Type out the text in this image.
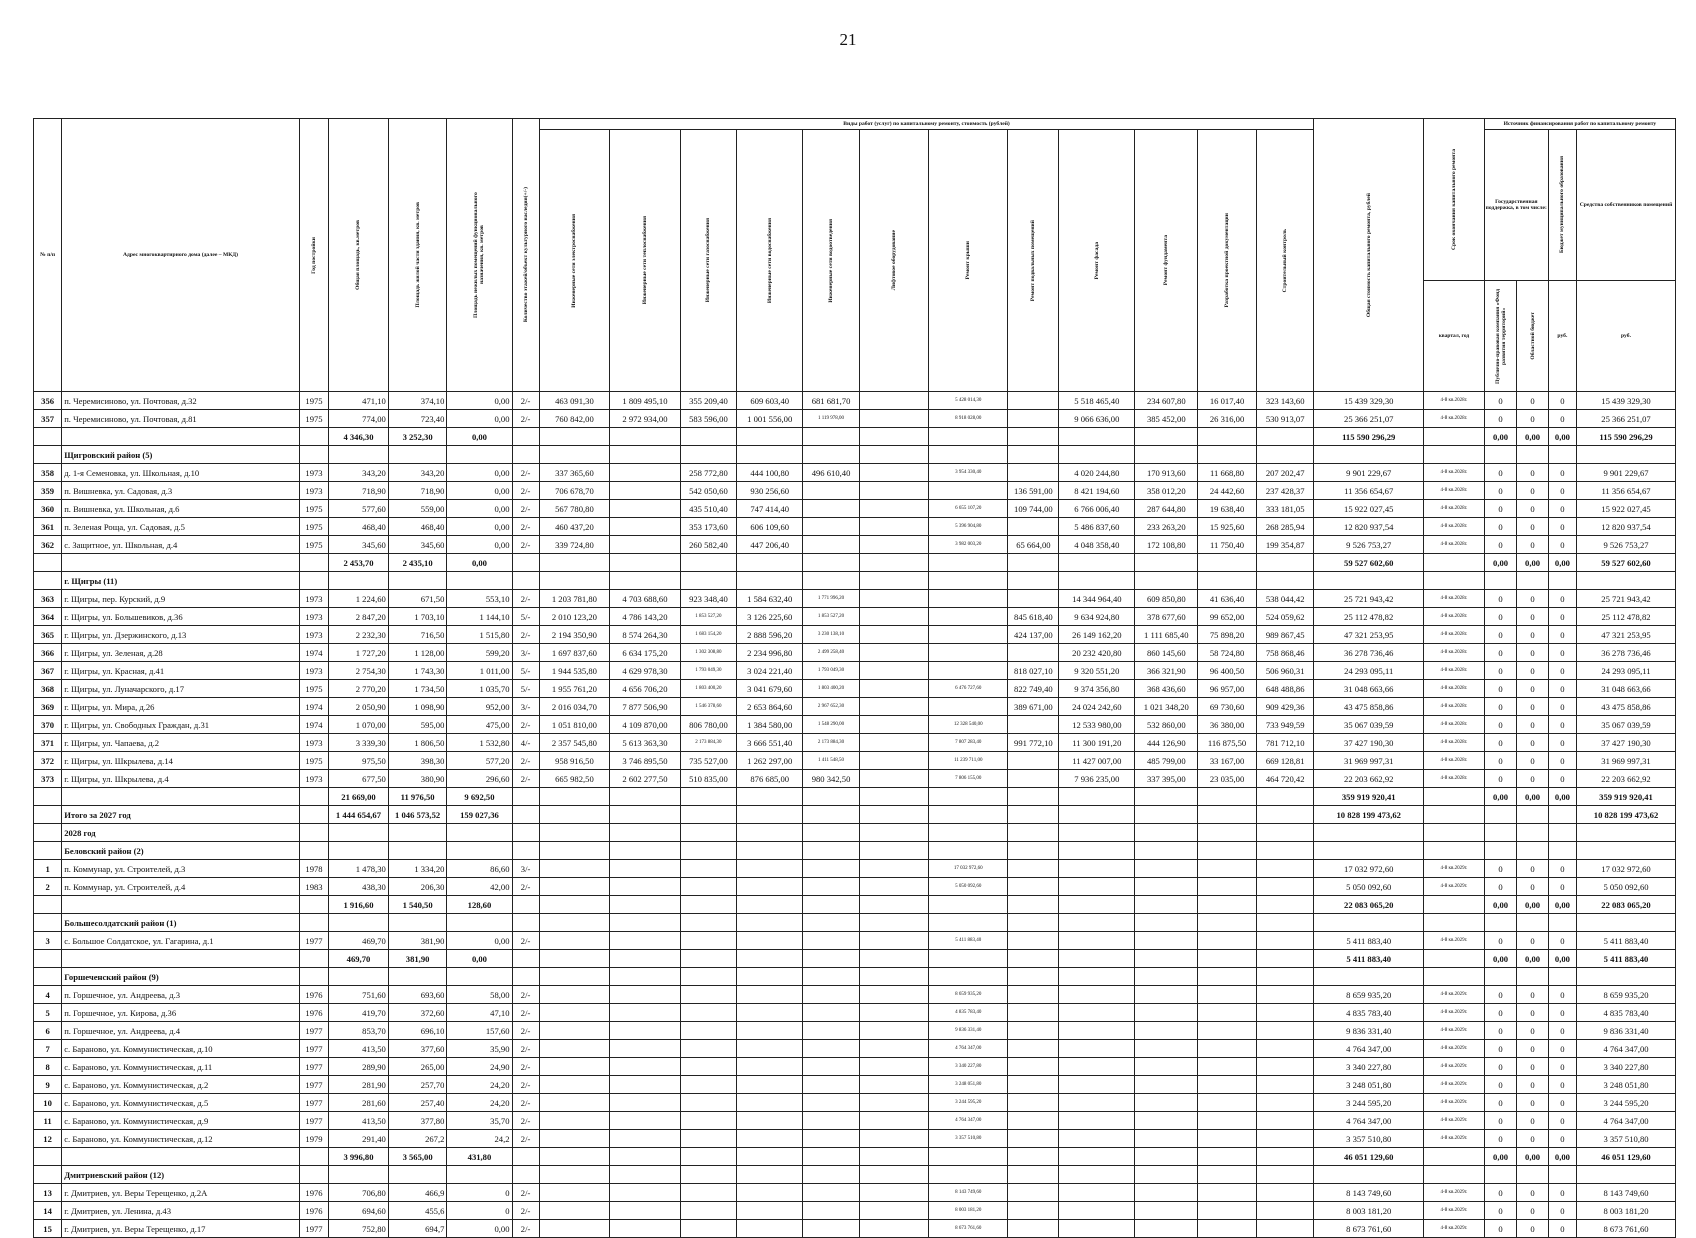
21
№ п/п	Адрес многоквартирного дома (далее – МКД)	Год постройки	Общая площадь, кв.метров	Площадь жилой части здания, кв. метров	Площадь нежилых помещений функционального назначения, кв. метров	Количество этажей/объект культурного наследия(+/-)	Виды работ (услуг) по капитальному ремонту, стоимость (рублей)												Общая стоимость капитального ремонта, рублей	Срок окончания капитального ремонта	Источник финансирования работ по капитальному ремонту			

							Инженерные сети электроснабжения	Инженерные сети теплоснабжения	Инженерные сети газоснабжения	Инженерные сети водоснабжения	Инженерные сети водоотведения	Лифтовое оборудование	Ремонт крыши	Ремонт подвальных помещений	Ремонт фасада	Ремонт фундамента	Разработка проектной документации	Строительный контроль			Государственная поддержка, в том числе:		Бюджет муниципального образования	Средства собственников помещений

																				квартал, год	Публично-правовая компания «Фонд развития территорий»	Областной бюджет	руб.	руб.
356	п. Черемисиново, ул. Почтовая, д.32	1975	471,10	374,10	0,00	2/-	463 091,30	1 809 495,10	355 209,40	609 603,40	681 681,70		5 428 014,30		5 518 465,40	234 607,80	16 017,40	323 143,60	15 439 329,30	4-й кв.2028г.	0	0	0	15 439 329,30
357	п. Черемисиново, ул. Почтовая, д.81	1975	774,00	723,40	0,00	2/-	760 842,00	2 972 934,00	583 596,00	1 001 556,00	1 119 978,00		8 918 028,00		9 066 636,00	385 452,00	26 316,00	530 913,07	25 366 251,07	4-й кв.2028г.	0	0	0	25 366 251,07
			4 346,30	3 252,30	0,00														115 590 296,29		0,00	0,00	0,00	115 590 296,29
	Щигровский район (5)																							
358	д. 1-я Семеновка, ул. Школьная, д.10	1973	343,20	343,20	0,00	2/-	337 365,60		258 772,80	444 100,80	496 610,40		3 954 330,40		4 020 244,80	170 913,60	11 668,80	207 202,47	9 901 229,67	4-й кв.2028г.	0	0	0	9 901 229,67
359	п. Вишневка, ул. Садовая, д.3	1973	718,90	718,90	0,00	2/-	706 678,70		542 050,60	930 256,60				136 591,00	8 421 194,60	358 012,20	24 442,60	237 428,37	11 356 654,67	4-й кв.2028г.	0	0	0	11 356 654,67
360	п. Вишневка, ул. Школьная, д.6	1975	577,60	559,00	0,00	2/-	567 780,80		435 510,40	747 414,40			6 655 107,20	109 744,00	6 766 006,40	287 644,80	19 638,40	333 181,05	15 922 027,45	4-й кв.2028г.	0	0	0	15 922 027,45
361	п. Зеленая Роща, ул. Садовая, д.5	1975	468,40	468,40	0,00	2/-	460 437,20		353 173,60	606 109,60			5 396 904,80		5 486 837,60	233 263,20	15 925,60	268 285,94	12 820 937,54	4-й кв.2028г.	0	0	0	12 820 937,54
362	с. Защитное, ул. Школьная, д.4	1975	345,60	345,60	0,00	2/-	339 724,80		260 582,40	447 206,40			3 982 003,20	65 664,00	4 048 358,40	172 108,80	11 750,40	199 354,87	9 526 753,27	4-й кв.2028г.	0	0	0	9 526 753,27
			2 453,70	2 435,10	0,00														59 527 602,60		0,00	0,00	0,00	59 527 602,60
	г. Щигры (11)																							
363	г. Щигры, пер. Курский, д.9	1973	1 224,60	671,50	553,10	2/-	1 203 781,80	4 703 688,60	923 348,40	1 584 632,40	1 771 996,20				14 344 964,40	609 850,80	41 636,40	538 044,42	25 721 943,42	4-й кв.2028г.	0	0	0	25 721 943,42
364	г. Щигры, ул. Большевиков, д.36	1973	2 847,20	1 703,10	1 144,10	5/-	2 010 123,20	4 786 143,20	1 853 527,20	3 126 225,60	1 853 527,20			845 618,40	9 634 924,80	378 677,60	99 652,00	524 059,62	25 112 478,82	4-й кв.2028г.	0	0	0	25 112 478,82
365	г. Щигры, ул. Дзержинского, д.13	1973	2 232,30	716,50	1 515,80	2/-	2 194 350,90	8 574 264,30	1 683 154,20	2 888 596,20	3 230 138,10			424 137,00	26 149 162,20	1 111 685,40	75 898,20	989 867,45	47 321 253,95	4-й кв.2028г.	0	0	0	47 321 253,95
366	г. Щигры, ул. Зеленая, д.28	1974	1 727,20	1 128,00	599,20	3/-	1 697 837,60	6 634 175,20	1 302 308,80	2 234 996,80	2 499 258,40				20 232 420,80	860 145,60	58 724,80	758 868,46	36 278 736,46	4-й кв.2028г.	0	0	0	36 278 736,46
367	г. Щигры, ул. Красная, д.41	1973	2 754,30	1 743,30	1 011,00	5/-	1 944 535,80	4 629 978,30	1 793 049,30	3 024 221,40	1 793 049,30			818 027,10	9 320 551,20	366 321,90	96 400,50	506 960,31	24 293 095,11	4-й кв.2028г.	0	0	0	24 293 095,11
368	г. Щигры, ул. Луначарского, д.17	1975	2 770,20	1 734,50	1 035,70	5/-	1 955 761,20	4 656 706,20	1 803 400,20	3 041 679,60	1 803 400,20		6 476 727,60	822 749,40	9 374 356,80	368 436,60	96 957,00	648 488,86	31 048 663,66	4-й кв.2028г.	0	0	0	31 048 663,66
369	г. Щигры, ул. Мира, д.26	1974	2 050,90	1 098,90	952,00	3/-	2 016 034,70	7 877 506,90	1 546 378,60	2 653 864,60	2 967 652,30			389 671,00	24 024 242,60	1 021 348,20	69 730,60	909 429,36	43 475 858,86	4-й кв.2028г.	0	0	0	43 475 858,86
370	г. Щигры, ул. Свободных Граждан, д.31	1974	1 070,00	595,00	475,00	2/-	1 051 810,00	4 109 870,00	806 780,00	1 384 580,00	1 548 290,00		12 328 540,00		12 533 980,00	532 860,00	36 380,00	733 949,59	35 067 039,59	4-й кв.2028г.	0	0	0	35 067 039,59
371	г. Щигры, ул. Чапаева, д.2	1973	3 339,30	1 806,50	1 532,80	4/-	2 357 545,80	5 613 363,30	2 173 884,30	3 666 551,40	2 173 884,30		7 807 283,40	991 772,10	11 300 191,20	444 126,90	116 875,50	781 712,10	37 427 190,30	4-й кв.2028г.	0	0	0	37 427 190,30
372	г. Щигры, ул. Шкрылева, д.14	1975	975,50	398,30	577,20	2/-	958 916,50	3 746 895,50	735 527,00	1 262 297,00	1 411 548,50		11 239 711,00		11 427 007,00	485 799,00	33 167,00	669 128,81	31 969 997,31	4-й кв.2028г.	0	0	0	31 969 997,31
373	г. Щигры, ул. Шкрылева, д.4	1973	677,50	380,90	296,60	2/-	665 982,50	2 602 277,50	510 835,00	876 685,00	980 342,50		7 806 155,00		7 936 235,00	337 395,00	23 035,00	464 720,42	22 203 662,92	4-й кв.2028г.	0	0	0	22 203 662,92
			21 669,00	11 976,50	9 692,50														359 919 920,41		0,00	0,00	0,00	359 919 920,41
	Итого за 2027 год		1 444 654,67	1 046 573,52	159 027,36														10 828 199 473,62					10 828 199 473,62
	2028 год																							
	Беловский район (2)																							
1	п. Коммунар, ул. Строителей, д.3	1978	1 478,30	1 334,20	86,60	3/-							17 032 972,60						17 032 972,60	4-й кв.2029г.	0	0	0	17 032 972,60
2	п. Коммунар, ул. Строителей, д.4	1983	438,30	206,30	42,00	2/-							5 050 092,60						5 050 092,60	4-й кв.2029г.	0	0	0	5 050 092,60
			1 916,60	1 540,50	128,60														22 083 065,20		0,00	0,00	0,00	22 083 065,20
	Большесолдатский район (1)																							
3	с. Большое Солдатское, ул. Гагарина, д.1	1977	469,70	381,90	0,00	2/-							5 411 883,40						5 411 883,40	4-й кв.2029г.	0	0	0	5 411 883,40
			469,70	381,90	0,00														5 411 883,40		0,00	0,00	0,00	5 411 883,40
	Горшеченский район (9)																							
4	п. Горшечное, ул. Андреева, д.3	1976	751,60	693,60	58,00	2/-							8 659 935,20						8 659 935,20	4-й кв.2029г.	0	0	0	8 659 935,20
5	п. Горшечное, ул. Кирова, д.36	1976	419,70	372,60	47,10	2/-							4 835 783,40						4 835 783,40	4-й кв.2029г.	0	0	0	4 835 783,40
6	п. Горшечное, ул. Андреева, д.4	1977	853,70	696,10	157,60	2/-							9 836 331,40						9 836 331,40	4-й кв.2029г.	0	0	0	9 836 331,40
7	с. Бараново, ул. Коммунистическая, д.10	1977	413,50	377,60	35,90	2/-							4 764 347,00						4 764 347,00	4-й кв.2029г.	0	0	0	4 764 347,00
8	с. Бараново, ул. Коммунистическая, д.11	1977	289,90	265,00	24,90	2/-							3 340 227,80						3 340 227,80	4-й кв.2029г.	0	0	0	3 340 227,80
9	с. Бараново, ул. Коммунистическая, д.2	1977	281,90	257,70	24,20	2/-							3 248 051,80						3 248 051,80	4-й кв.2029г.	0	0	0	3 248 051,80
10	с. Бараново, ул. Коммунистическая, д.5	1977	281,60	257,40	24,20	2/-							3 244 595,20						3 244 595,20	4-й кв.2029г.	0	0	0	3 244 595,20
11	с. Бараново, ул. Коммунистическая, д.9	1977	413,50	377,80	35,70	2/-							4 764 347,00						4 764 347,00	4-й кв.2029г.	0	0	0	4 764 347,00
12	с. Бараново, ул. Коммунистическая, д.12	1979	291,40	267,2	24,2	2/-							3 357 510,80						3 357 510,80	4-й кв.2029г.	0	0	0	3 357 510,80
			3 996,80	3 565,00	431,80														46 051 129,60		0,00	0,00	0,00	46 051 129,60
	Дмитриевский район (12)																							
13	г. Дмитриев, ул. Веры Терещенко, д.2А	1976	706,80	466,9	0	2/-							8 143 749,60						8 143 749,60	4-й кв.2029г.	0	0	0	8 143 749,60
14	г. Дмитриев, ул. Ленина, д.43	1976	694,60	455,6	0	2/-							8 003 181,20						8 003 181,20	4-й кв.2029г.	0	0	0	8 003 181,20
15	г. Дмитриев, ул. Веры Терещенко, д.17	1977	752,80	694,7	0,00	2/-							8 673 761,60						8 673 761,60	4-й кв.2029г.	0	0	0	8 673 761,60
